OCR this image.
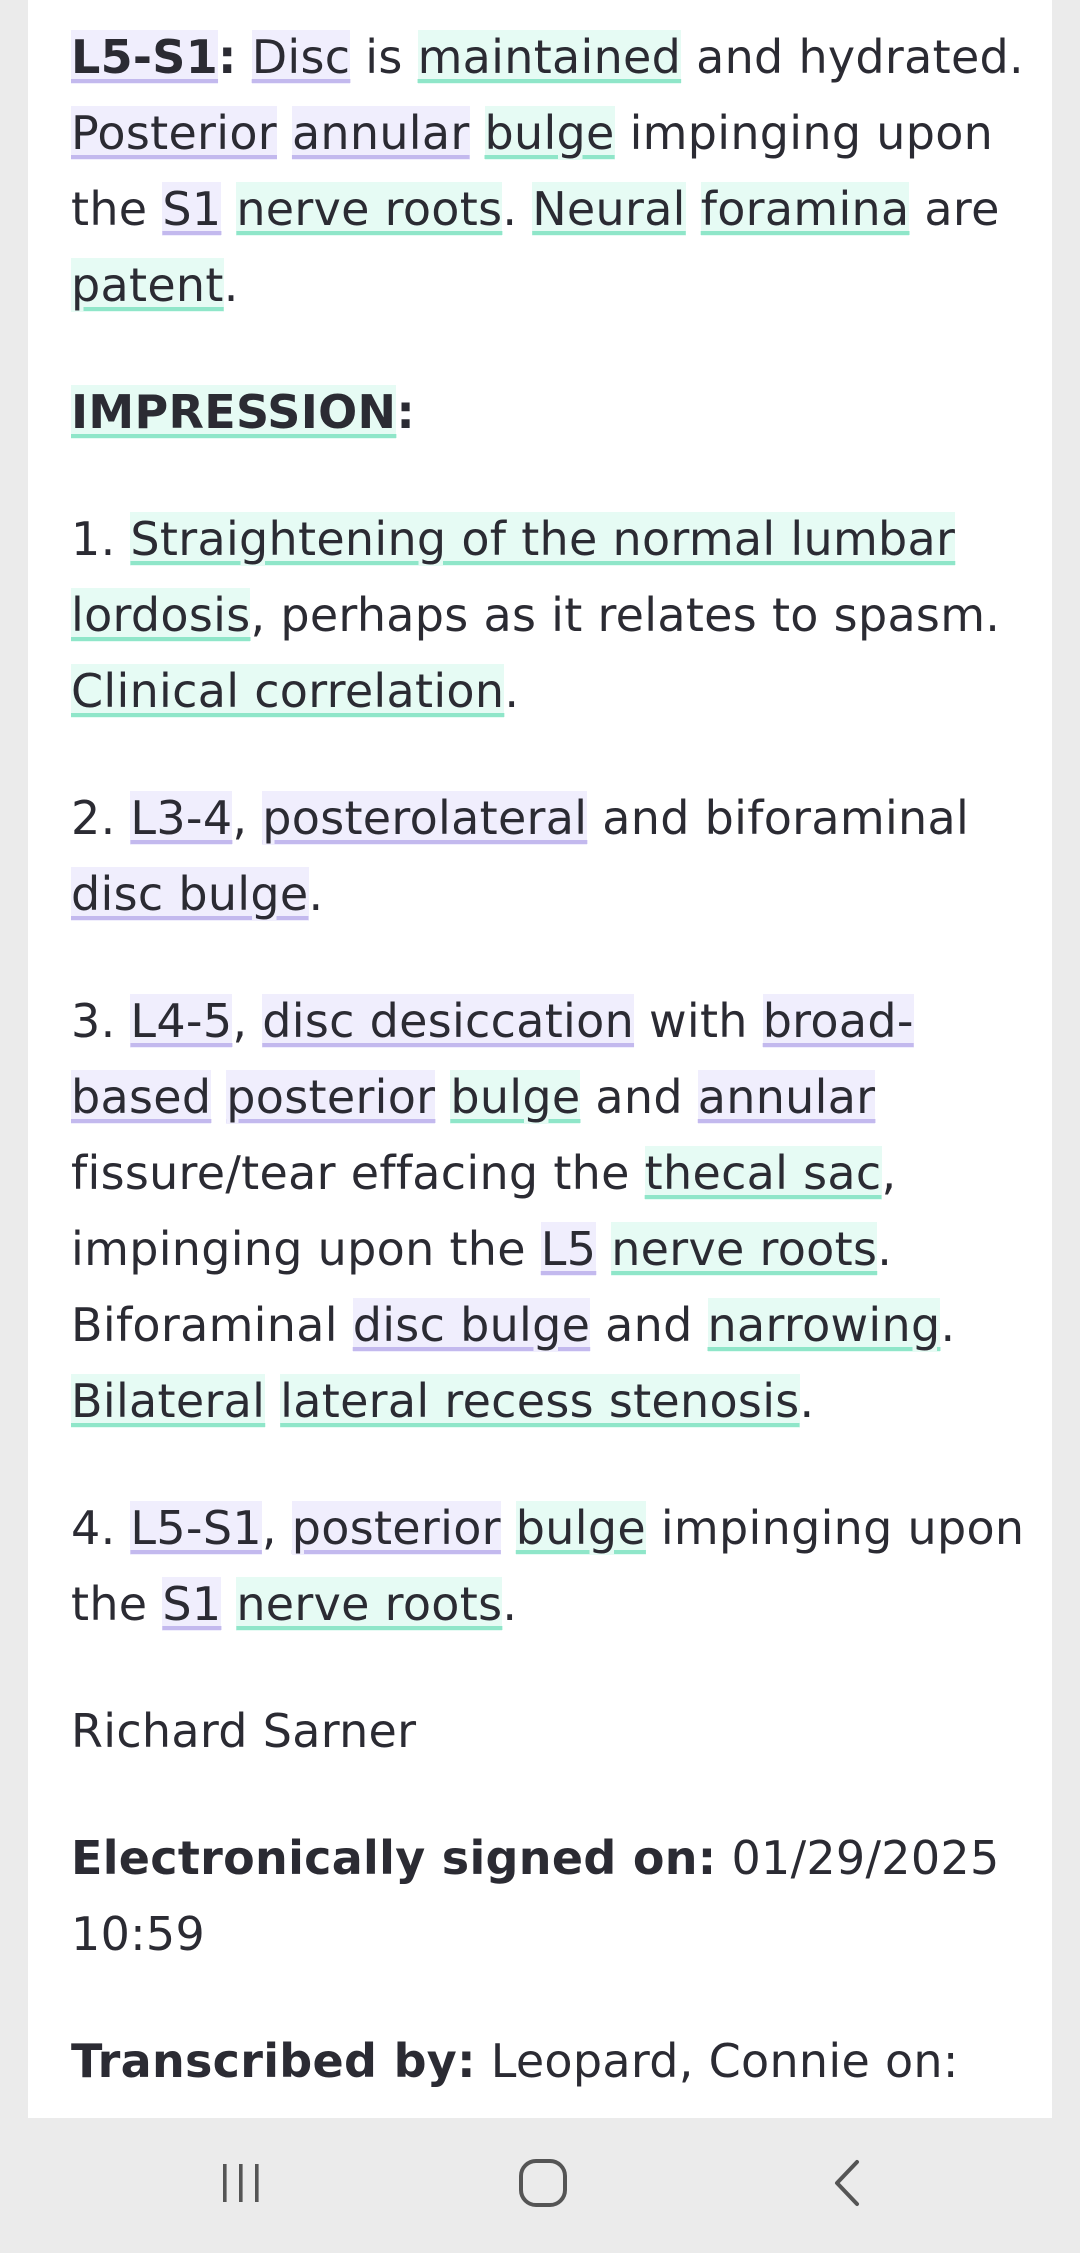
L5-S1: Disc is maintained and hydrated. Posterior annular bulge impinging upon the S1 nerve roots. Neural foramina are patent.

IMPRESSION:

1. Straightening of the normal lumbar lordosis, perhaps as it relates to spasm. Clinical correlation.

2. L3-4, posterolateral and biforaminal disc bulge.

3. L4-5, disc desiccation with broad-based posterior bulge and annular fissure/tear effacing the thecal sac, impinging upon the L5 nerve roots. Biforaminal disc bulge and narrowing. Bilateral lateral recess stenosis.

4. L5-S1, posterior bulge impinging upon the S1 nerve roots.

Richard Sarner

Electronically signed on: 01/29/2025 10:59

Transcribed by: Leopard, Connie on:
